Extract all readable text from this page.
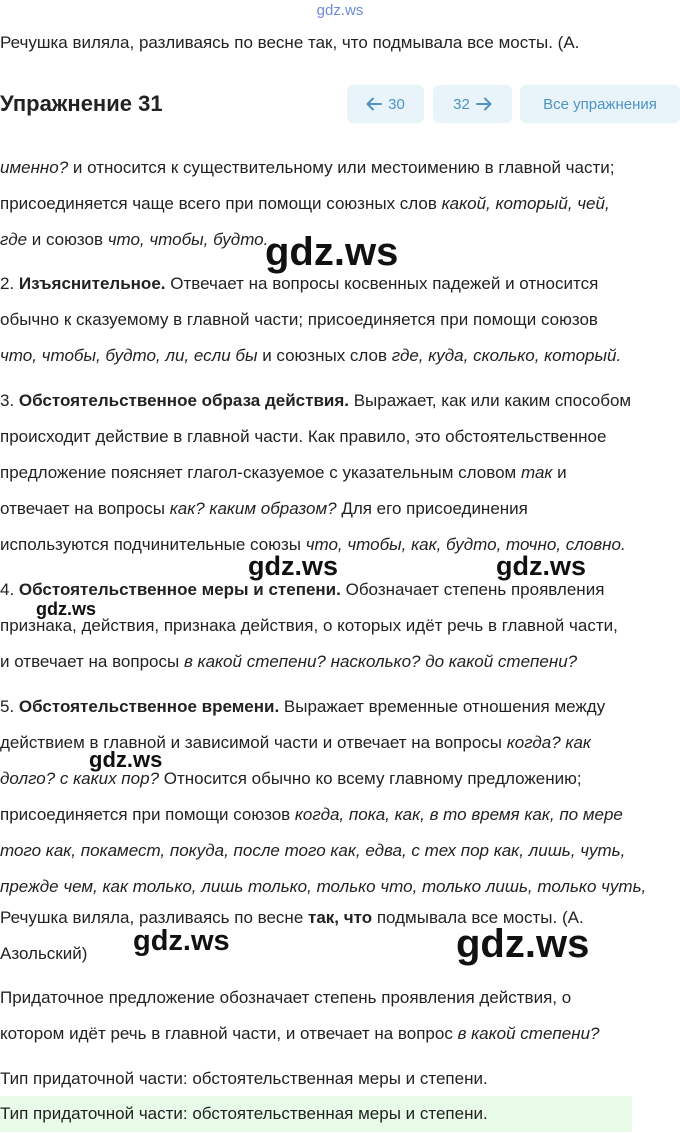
gdz.ws
Речушка виляла, разливаясь по весне так, что подмывала все мосты. (А.
Упражнение 31	30	32	Все упражнения
именно? и относится к существительному или местоимению в главной части;
присоединяется чаще всего при помощи союзных слов какой, который, чей,
где и союзов что, чтобы, будто.
2. Изъяснительное. Отвечает на вопросы косвенных падежей и относится
обычно к сказуемому в главной части; присоединяется при помощи союзов
что, чтобы, будто, ли, если бы и союзных слов где, куда, сколько, который.
3. Обстоятельственное образа действия. Выражает, как или каким способом
происходит действие в главной части. Как правило, это обстоятельственное
предложение поясняет глагол-сказуемое с указательным словом так и
отвечает на вопросы как? каким образом? Для его присоединения
используются подчинительные союзы что, чтобы, как, будто, точно, словно.
4. Обстоятельственное меры и степени. Обозначает степень проявления
признака, действия, признака действия, о которых идёт речь в главной части,
и отвечает на вопросы в какой степени? насколько? до какой степени?
5. Обстоятельственное времени. Выражает временные отношения между
действием в главной и зависимой части и отвечает на вопросы когда? как
долго? с каких пор? Относится обычно ко всему главному предложению;
присоединяется при помощи союзов когда, пока, как, в то время как, по мере
того как, покамест, покуда, после того как, едва, с тех пор как, лишь, чуть,
прежде чем, как только, лишь только, только что, только лишь, только чуть,
Речушка виляла, разливаясь по весне так, что подмывала все мосты. (А.
Азольский)
Придаточное предложение обозначает степень проявления действия, о
котором идёт речь в главной части, и отвечает на вопрос в какой степени?
Тип придаточной части: обстоятельственная меры и степени.
Тип придаточной части: обстоятельственная меры и степени.
gdz.ws
gdz.ws	gdz.ws
gdz.ws
gdz.ws
gdz.ws	gdz.ws
